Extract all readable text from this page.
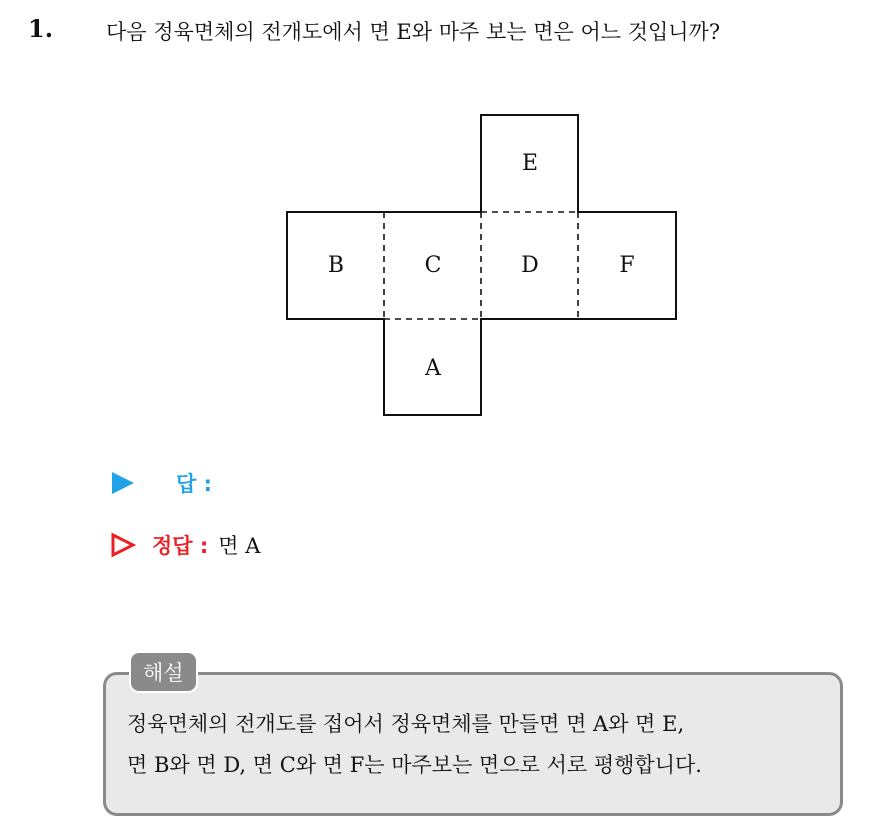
1.	다음 정육면체의 전개도에서 면 E와 마주 보는 면은 어느 것입니까?
E
B	C	D	F
A
답 :
정답 : 면 A
해설
정육면체의 전개도를 접어서 정육면체를 만들면 면 A와 면 E,
면 B와 면 D, 면 C와 면 F는 마주보는 면으로 서로 평행합니다.
